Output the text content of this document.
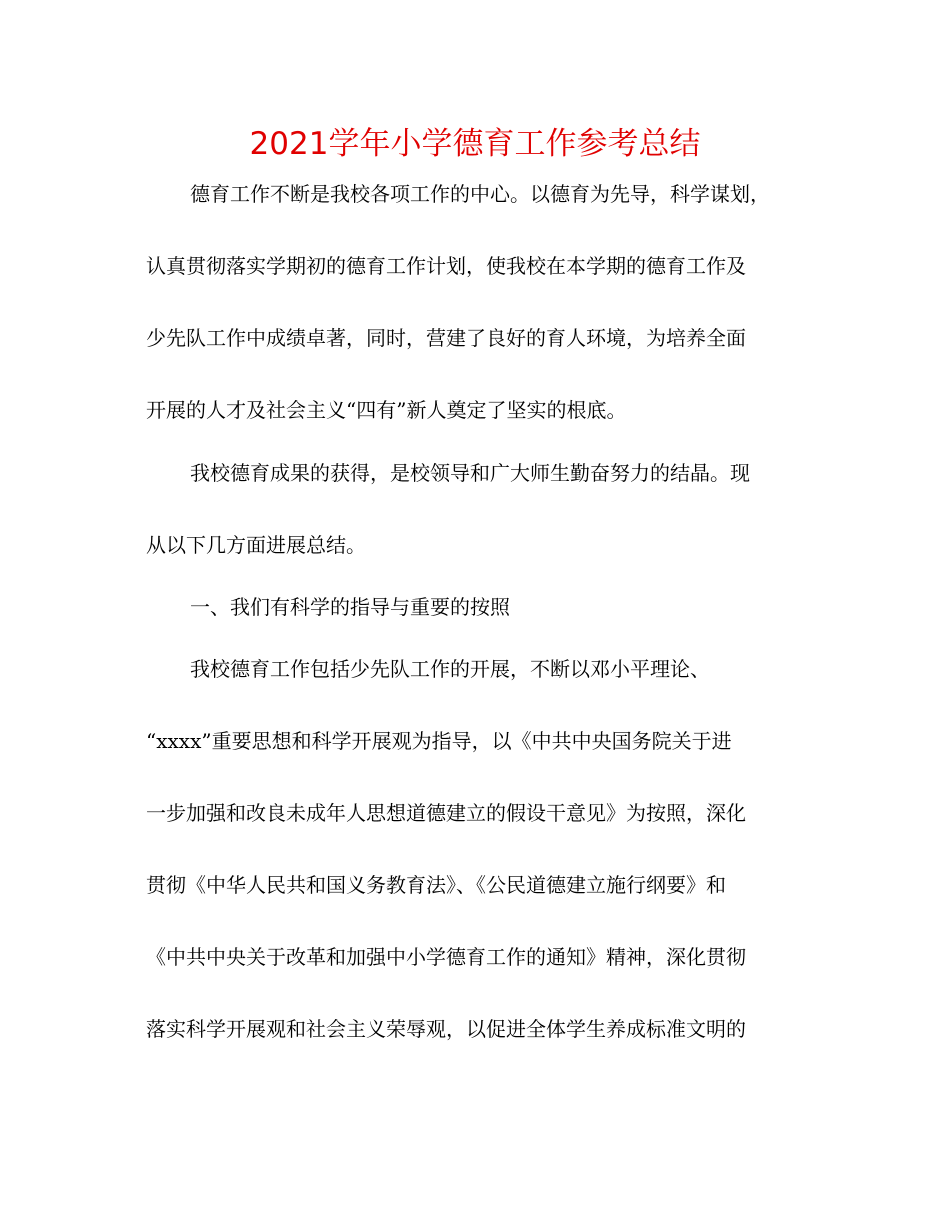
2021学年小学德育工作参考总结
德育工作不断是我校各项工作的中心。以德育为先导，科学谋划，
认真贯彻落实学期初的德育工作计划，使我校在本学期的德育工作及
少先队工作中成绩卓著，同时，营建了良好的育人环境，为培养全面
开展的人才及社会主义“四有”新人奠定了坚实的根底。
我校德育成果的获得，是校领导和广大师生勤奋努力的结晶。现
从以下几方面进展总结。
一、我们有科学的指导与重要的按照
我校德育工作包括少先队工作的开展，不断以邓小平理论、
“xxxx”重要思想和科学开展观为指导，以《中共中央国务院关于进
一步加强和改良未成年人思想道德建立的假设干意见》为按照，深化
贯彻《中华人民共和国义务教育法》、《公民道德建立施行纲要》和
《中共中央关于改革和加强中小学德育工作的通知》精神，深化贯彻
落实科学开展观和社会主义荣辱观，以促进全体学生养成标准文明的
